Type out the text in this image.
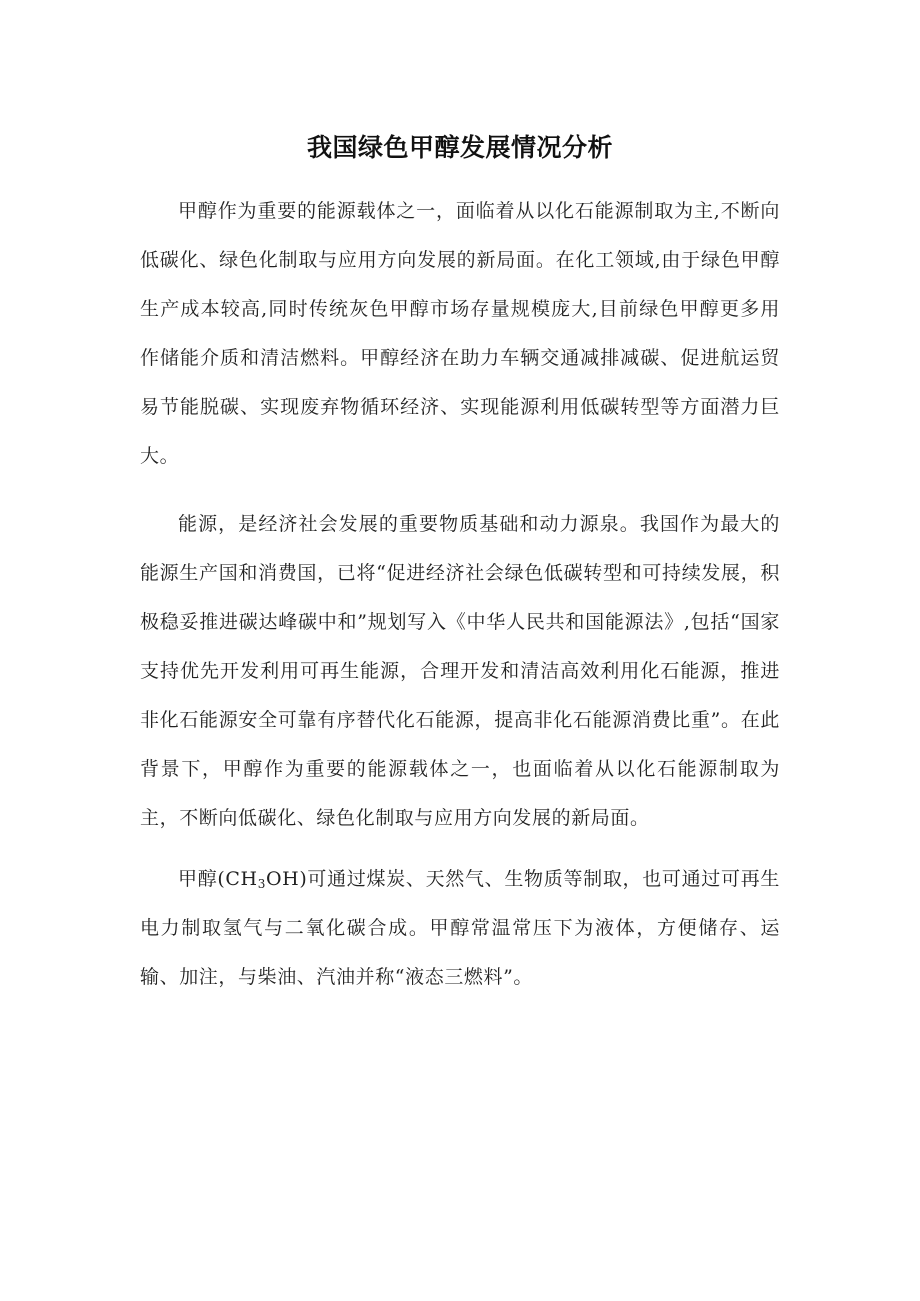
我国绿色甲醇发展情况分析

甲醇作为重要的能源载体之一，面临着从以化石能源制取为主,不断向低碳化、绿色化制取与应用方向发展的新局面。在化工领域,由于绿色甲醇生产成本较高,同时传统灰色甲醇市场存量规模庞大,目前绿色甲醇更多用作储能介质和清洁燃料。甲醇经济在助力车辆交通减排减碳、促进航运贸易节能脱碳、实现废弃物循环经济、实现能源利用低碳转型等方面潜力巨大。

能源，是经济社会发展的重要物质基础和动力源泉。我国作为最大的能源生产国和消费国，已将“促进经济社会绿色低碳转型和可持续发展，积极稳妥推进碳达峰碳中和”规划写入《中华人民共和国能源法》,包括“国家支持优先开发利用可再生能源，合理开发和清洁高效利用化石能源，推进非化石能源安全可靠有序替代化石能源，提高非化石能源消费比重”。在此背景下，甲醇作为重要的能源载体之一，也面临着从以化石能源制取为主，不断向低碳化、绿色化制取与应用方向发展的新局面。

甲醇$(CH_3OH)$可通过煤炭、天然气、生物质等制取，也可通过可再生电力制取氢气与二氧化碳合成。甲醇常温常压下为液体，方便储存、运输、加注，与柴油、汽油并称“液态三燃料”。
